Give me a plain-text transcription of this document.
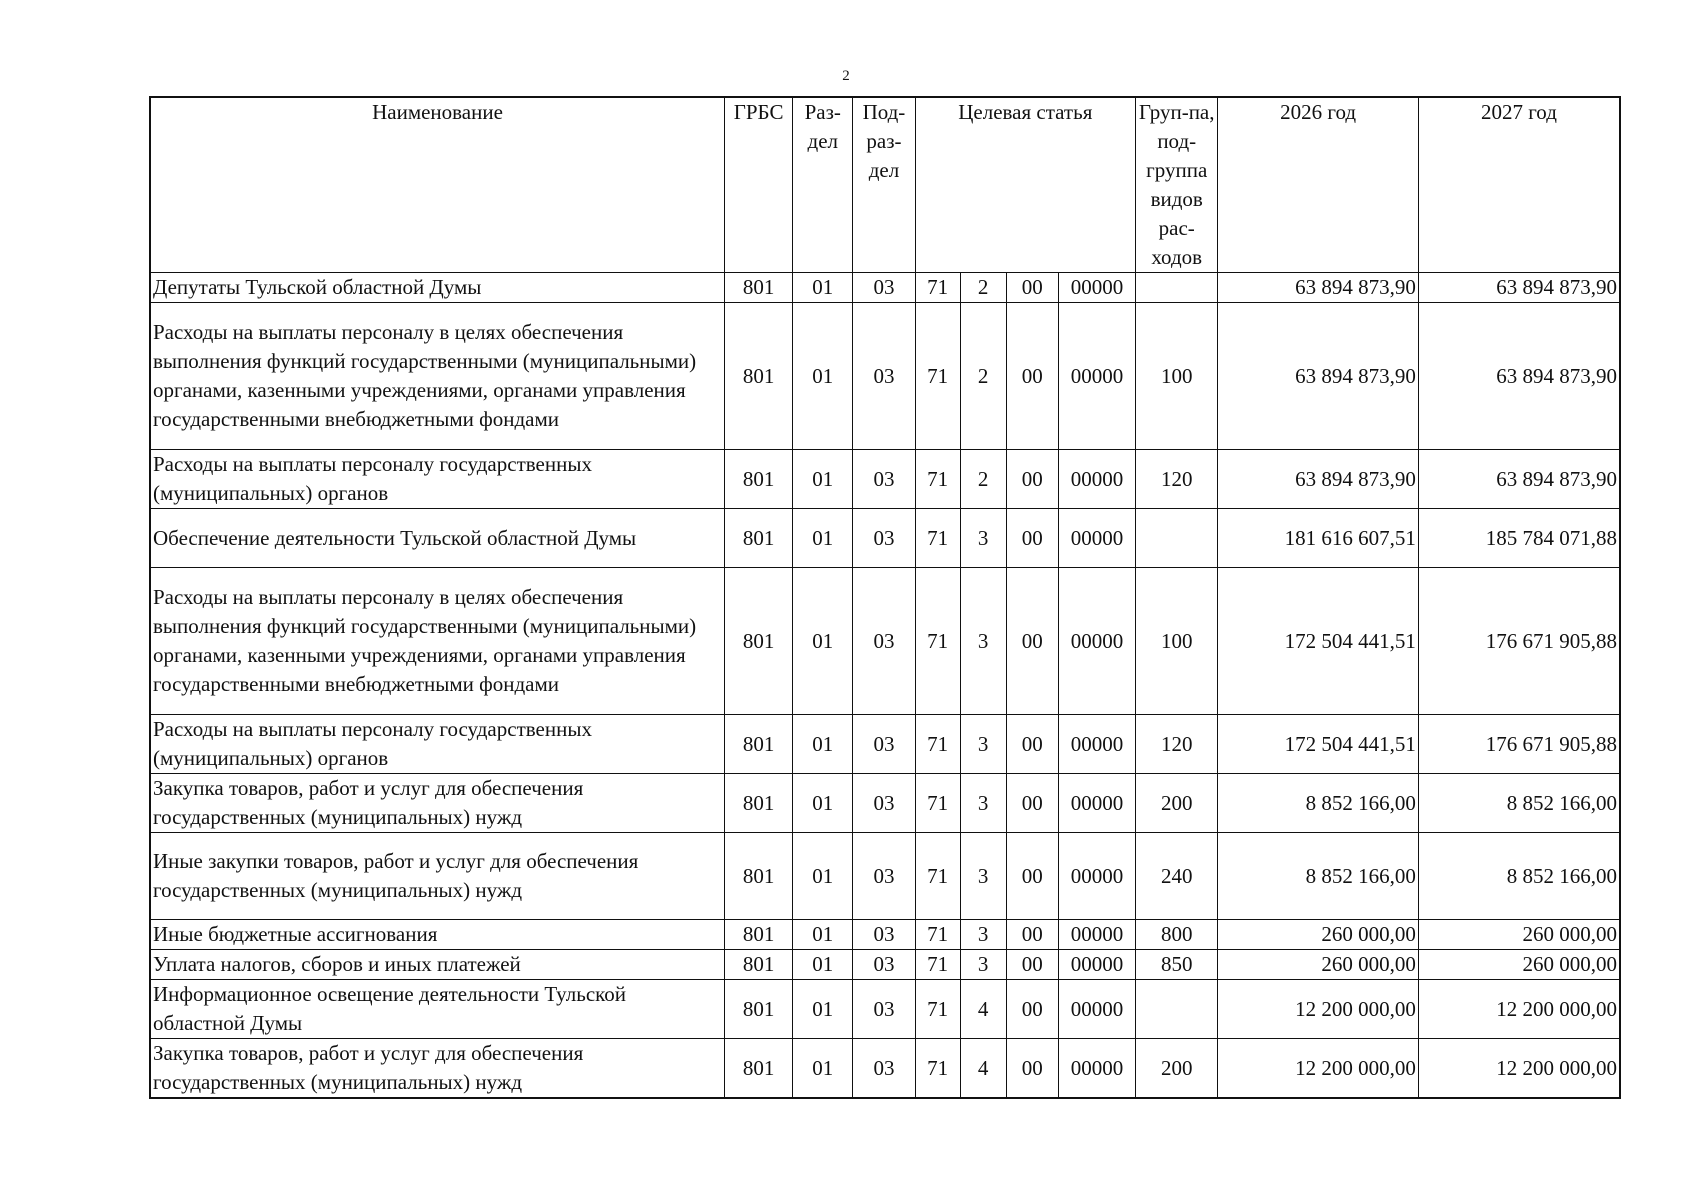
2
Наименование	ГРБС	Раз-дел	Под-раз-дел	Целевая статья				Груп-па, под-группа видов рас-ходов	2026 год	2027 год
Депутаты Тульской областной Думы	801	01	03	71	2	00	00000		63 894 873,90	63 894 873,90
Расходы на выплаты персоналу в целях обеспечения выполнения функций государственными (муниципальными) органами, казенными учреждениями, органами управления государственными внебюджетными фондами	801	01	03	71	2	00	00000	100	63 894 873,90	63 894 873,90
Расходы на выплаты персоналу государственных (муниципальных) органов	801	01	03	71	2	00	00000	120	63 894 873,90	63 894 873,90
Обеспечение деятельности Тульской областной Думы	801	01	03	71	3	00	00000		181 616 607,51	185 784 071,88
Расходы на выплаты персоналу в целях обеспечения выполнения функций государственными (муниципальными) органами, казенными учреждениями, органами управления государственными внебюджетными фондами	801	01	03	71	3	00	00000	100	172 504 441,51	176 671 905,88
Расходы на выплаты персоналу государственных (муниципальных) органов	801	01	03	71	3	00	00000	120	172 504 441,51	176 671 905,88
Закупка товаров, работ и услуг для обеспечения государственных (муниципальных) нужд	801	01	03	71	3	00	00000	200	8 852 166,00	8 852 166,00
Иные закупки товаров, работ и услуг для обеспечения государственных (муниципальных) нужд	801	01	03	71	3	00	00000	240	8 852 166,00	8 852 166,00
Иные бюджетные ассигнования	801	01	03	71	3	00	00000	800	260 000,00	260 000,00
Уплата налогов, сборов и иных платежей	801	01	03	71	3	00	00000	850	260 000,00	260 000,00
Информационное освещение деятельности Тульской областной Думы	801	01	03	71	4	00	00000		12 200 000,00	12 200 000,00
Закупка товаров, работ и услуг для обеспечения государственных (муниципальных) нужд	801	01	03	71	4	00	00000	200	12 200 000,00	12 200 000,00
